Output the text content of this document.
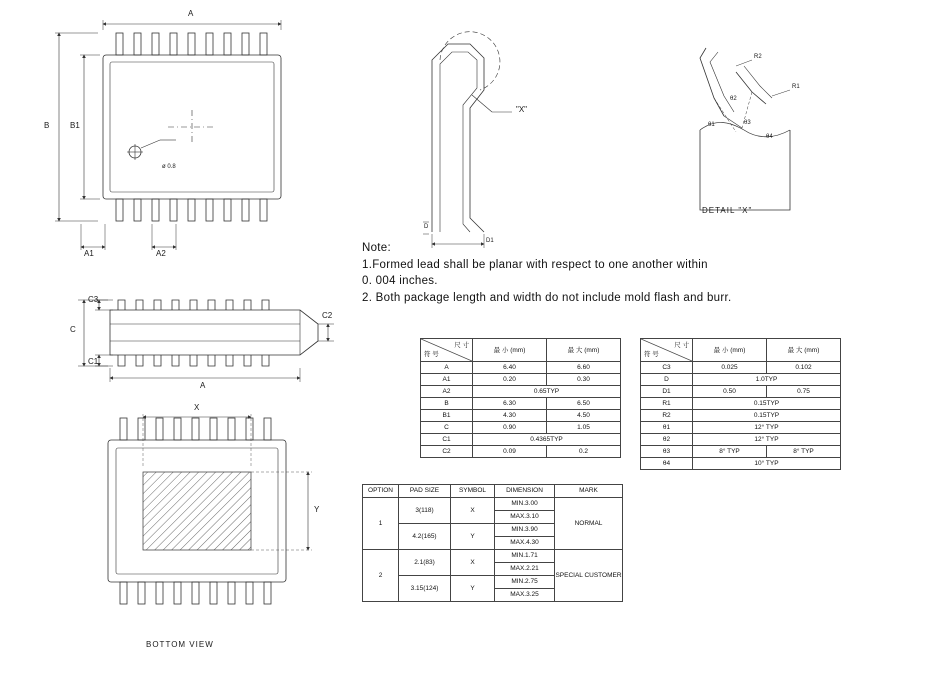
A
B	B1
A1	A2
ø 0.8
C3
C
C1
C2
A
X
Y
BOTTOM VIEW
"X"
D
D1
R2
R1
θ2
θ1	θ3
θ4
DETAIL "X"
Note:
1.Formed lead shall be planar with respect to one another within
0. 004 inches.
2. Both package length and width do not include mold flash and burr.
尺 寸
符 号	最 小 (mm)	最 大 (mm)
A	6.40	6.60
A1	0.20	0.30
A2	0.65TYP	
B	6.30	6.50
B1	4.30	4.50
C	0.90	1.05
C1	0.4365TYP	
C2	0.09	0.2
尺 寸
符 号	最 小 (mm)	最 大 (mm)
C3	0.025	0.102
D	1.0TYP	
D1	0.50	0.75
R1	0.15TYP	
R2	0.15TYP	
θ1	12° TYP	
θ2	12° TYP	
θ3	8° TYP	8° TYP
θ4	10° TYP	
OPTION	PAD SIZE	SYMBOL	DIMENSION	MARK
1	3(118)	X	MIN.3.00	NORMAL
			MAX.3.10	
	4.2(165)	Y	MIN.3.90	
			MAX.4.30	
2	2.1(83)	X	MIN.1.71	SPECIAL CUSTOMER
			MAX.2.21	
	3.15(124)	Y	MIN.2.75	
			MAX.3.25	
